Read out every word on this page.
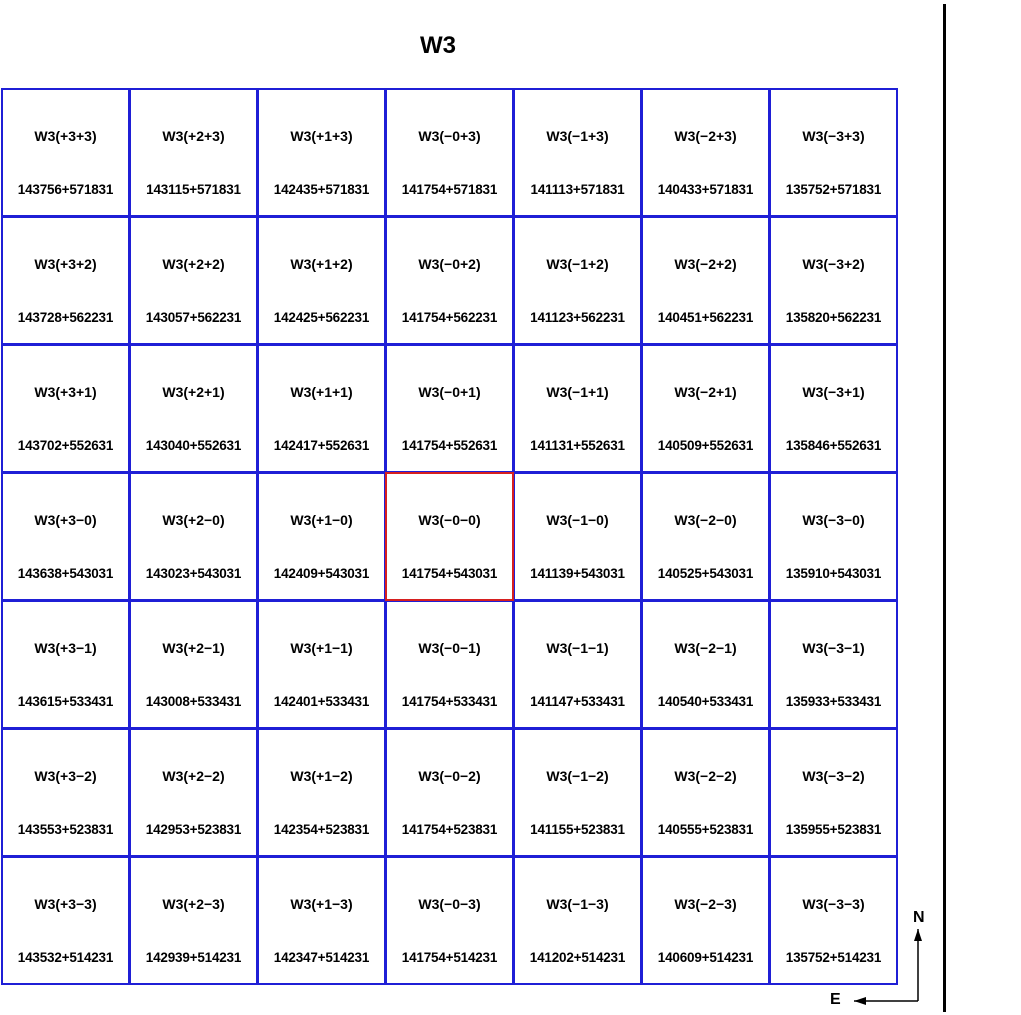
W3
W3(+3+3)
143756+571831
W3(+2+3)
143115+571831
W3(+1+3)
142435+571831
W3(−0+3)
141754+571831
W3(−1+3)
141113+571831
W3(−2+3)
140433+571831
W3(−3+3)
135752+571831
W3(+3+2)
143728+562231
W3(+2+2)
143057+562231
W3(+1+2)
142425+562231
W3(−0+2)
141754+562231
W3(−1+2)
141123+562231
W3(−2+2)
140451+562231
W3(−3+2)
135820+562231
W3(+3+1)
143702+552631
W3(+2+1)
143040+552631
W3(+1+1)
142417+552631
W3(−0+1)
141754+552631
W3(−1+1)
141131+552631
W3(−2+1)
140509+552631
W3(−3+1)
135846+552631
W3(+3−0)
143638+543031
W3(+2−0)
143023+543031
W3(+1−0)
142409+543031
W3(−0−0)
141754+543031
W3(−1−0)
141139+543031
W3(−2−0)
140525+543031
W3(−3−0)
135910+543031
W3(+3−1)
143615+533431
W3(+2−1)
143008+533431
W3(+1−1)
142401+533431
W3(−0−1)
141754+533431
W3(−1−1)
141147+533431
W3(−2−1)
140540+533431
W3(−3−1)
135933+533431
W3(+3−2)
143553+523831
W3(+2−2)
142953+523831
W3(+1−2)
142354+523831
W3(−0−2)
141754+523831
W3(−1−2)
141155+523831
W3(−2−2)
140555+523831
W3(−3−2)
135955+523831
W3(+3−3)
143532+514231
W3(+2−3)
142939+514231
W3(+1−3)
142347+514231
W3(−0−3)
141754+514231
W3(−1−3)
141202+514231
W3(−2−3)
140609+514231
W3(−3−3)
135752+514231
N
E
